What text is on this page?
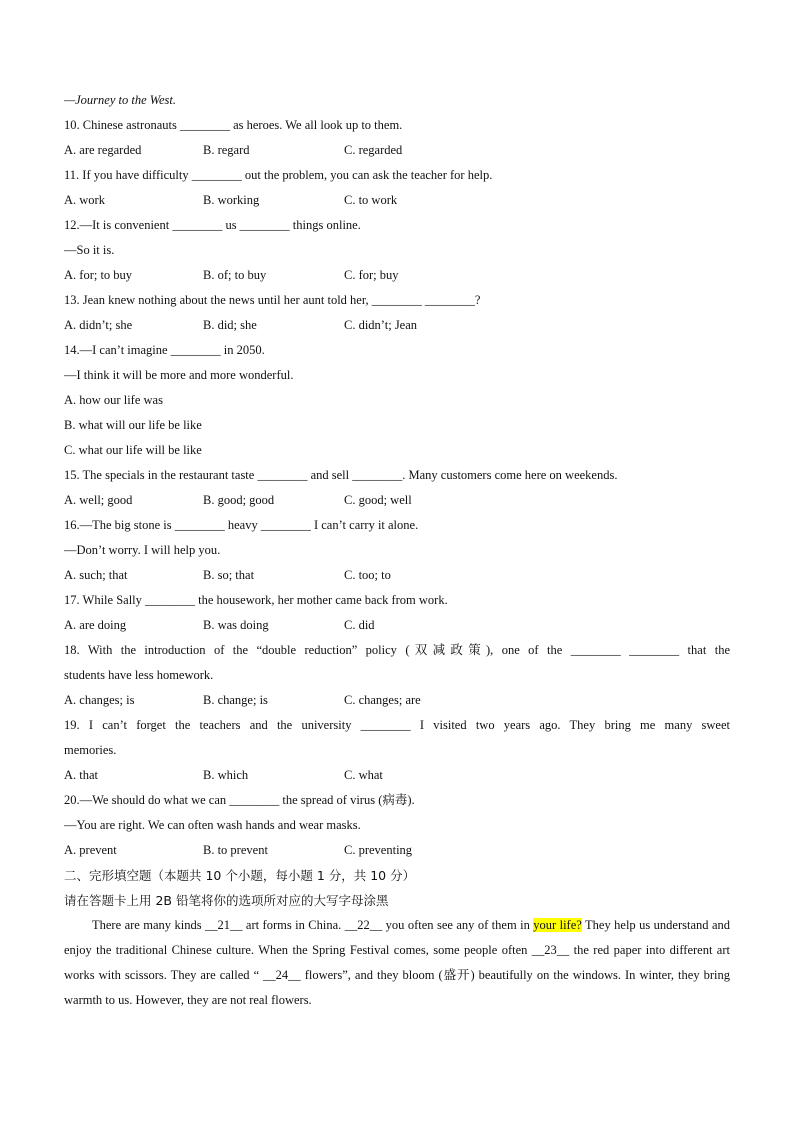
—Journey to the West.
10. Chinese astronauts ________ as heroes. We all look up to them.
A. are regarded	B. regard	C. regarded
11. If you have difficulty ________ out the problem, you can ask the teacher for help.
A. work	B. working	C. to work
12.—It is convenient ________ us ________ things online.
—So it is.
A. for; to buy	B. of; to buy	C. for; buy
13. Jean knew nothing about the news until her aunt told her, ________ ________?
A. didn’t; she	B. did; she	C. didn’t; Jean
14.—I can’t imagine ________ in 2050.
—I think it will be more and more wonderful.
A. how our life was
B. what will our life be like
C. what our life will be like
15. The specials in the restaurant taste ________ and sell ________. Many customers come here on weekends.
A. well; good	B. good; good	C. good; well
16.—The big stone is ________ heavy ________ I can’t carry it alone.
—Don’t worry. I will help you.
A. such; that	B. so; that	C. too; to
17. While Sally ________ the housework, her mother came back from work.
A. are doing	B. was doing	C. did
18. With the introduction of the “double reduction” policy (双减政策), one of the ________ ________ that the
students have less homework.
A. changes; is	B. change; is	C. changes; are
19. I can’t forget the teachers and the university ________ I visited two years ago. They bring me many sweet
memories.
A. that	B. which	C. what
20.—We should do what we can ________ the spread of virus (病毒).
—You are right. We can often wash hands and wear masks.
A. prevent	B. to prevent	C. preventing
二、完形填空题（本题共 10 个小题，每小题 1 分，共 10 分）
请在答题卡上用 2B 铅笔将你的选项所对应的大写字母涂黑
There are many kinds __21__ art forms in China. __22__ you often see any of them in your life? They help us understand and enjoy the traditional Chinese culture. When the Spring Festival comes, some people often __23__ the red paper into different art works with scissors. They are called “ __24__ flowers”, and they bloom (盛开) beautifully on the windows. In winter, they bring warmth to us. However, they are not real flowers.
